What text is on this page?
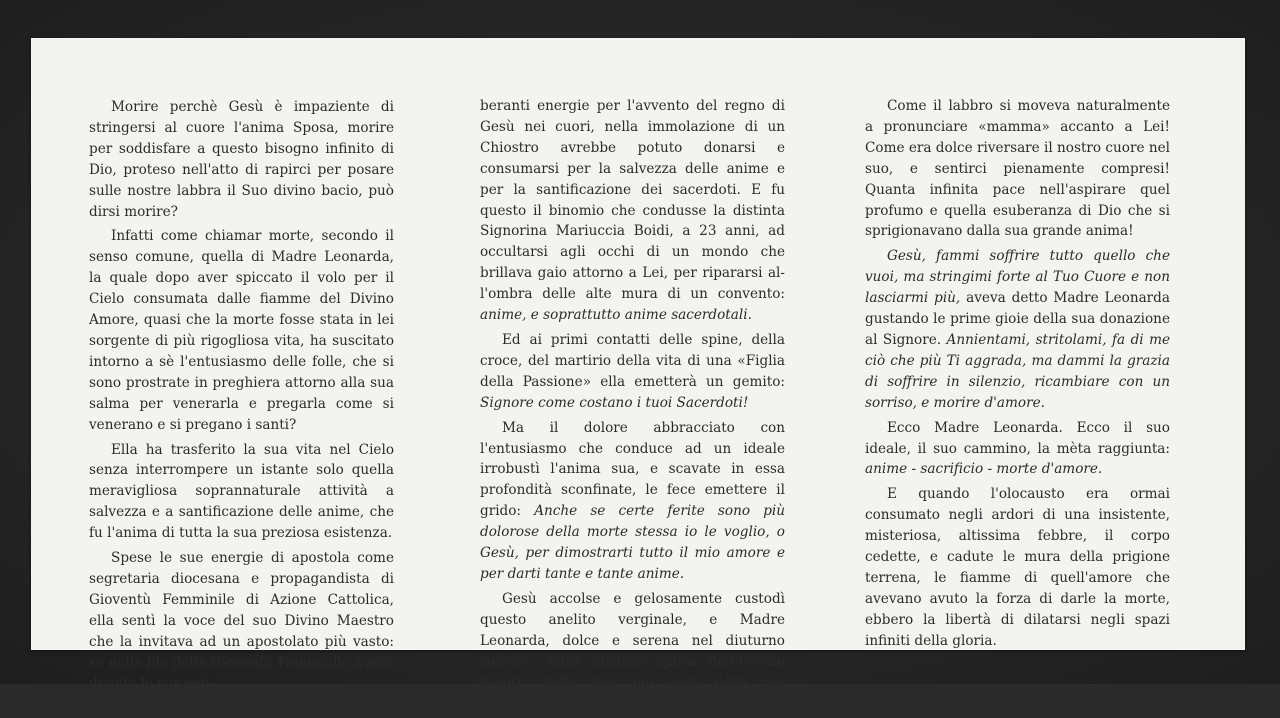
Morire perchè Gesù è impaziente di stringersi al cuore l'anima Sposa, morire per soddisfare a questo bisogno infinito di Dio, proteso nell'atto di rapirci per posare sulle nostre labbra il Suo divino bacio, può dirsi morire?

Infatti come chiamar morte, secondo il senso comune, quella di Madre Leonarda, la quale dopo aver spiccato il volo per il Cielo consumata dalle fiamme del Divino Amore, quasi che la morte fosse stata in lei sorgente di più rigogliosa vita, ha suscitato intorno a sè l'entusiasmo delle folle, che si sono prostrate in preghiera attorno alla sua salma per venerarla e pregarla come si venerano e si pregano i santi?

Ella ha trasferito la sua vita nel Cielo senza interrompere un istante solo quella meravigliosa soprannaturale attività a salvezza e a santificazione delle anime, che fu l'anima di tutta la sua preziosa esistenza.

Spese le sue energie di apostola come segretaria diocesana e propagandista di Gioventù Femminile di Azione Cattolica, ella sentì la voce del suo Divino Maestro che la invitava ad un apostolato più vasto: se nelle file della Gioventù Femminile aveva donato le sue esu-

beranti energie per l'avvento del regno di Gesù nei cuori, nella immolazione di un Chiostro avrebbe potuto donarsi e consumarsi per la salvezza delle anime e per la santificazione dei sacerdoti. E fu questo il binomio che condusse la distinta Signorina Mariuccia Boidi, a 23 anni, ad occultarsi agli occhi di un mondo che brillava gaio attorno a Lei, per ripararsi all'ombra delle alte mura di un convento: anime, e soprattutto anime sacerdotali.

Ed ai primi contatti delle spine, della croce, del martirio della vita di una «Figlia della Passione» ella emetterà un gemito: Signore come costano i tuoi Sacerdoti!

Ma il dolore abbracciato con l'entusiasmo che conduce ad un ideale irrobustì l'anima sua, e scavate in essa profondità sconfinate, le fece emettere il grido: Anche se certe ferite sono più dolorose della morte stessa io le voglio, o Gesù, per dimostrarti tutto il mio amore e per darti tante e tante anime.

Gesù accolse e gelosamente custodì questo anelito verginale, e Madre Leonarda, dolce e serena nel diuturno soffrire, fatta mistica Sposa dell'Eterno Amore, nella luce più bella della sua vocazione, fu Madre di tante e tante anime.

Come il labbro si moveva naturalmente a pronunciare «mamma» accanto a Lei! Come era dolce riversare il nostro cuore nel suo, e sentirci pienamente compresi! Quanta infinita pace nell'aspirare quel profumo e quella esuberanza di Dio che si sprigionavano dalla sua grande anima!

Gesù, fammi soffrire tutto quello che vuoi, ma stringimi forte al Tuo Cuore e non lasciarmi più, aveva detto Madre Leonarda gustando le prime gioie della sua donazione al Signore. Annientami, stritolami, fa di me ciò che più Ti aggrada, ma dammi la grazia di soffrire in silenzio, ricambiare con un sorriso, e morire d'amore.

Ecco Madre Leonarda. Ecco il suo ideale, il suo cammino, la mèta raggiunta: anime - sacrificio - morte d'amore.

E quando l'olocausto era ormai consumato negli ardori di una insistente, misteriosa, altissima febbre, il corpo cedette, e cadute le mura della prigione terrena, le fiamme di quell'amore che avevano avuto la forza di darle la morte, ebbero la libertà di dilatarsi negli spazi infiniti della gloria.
